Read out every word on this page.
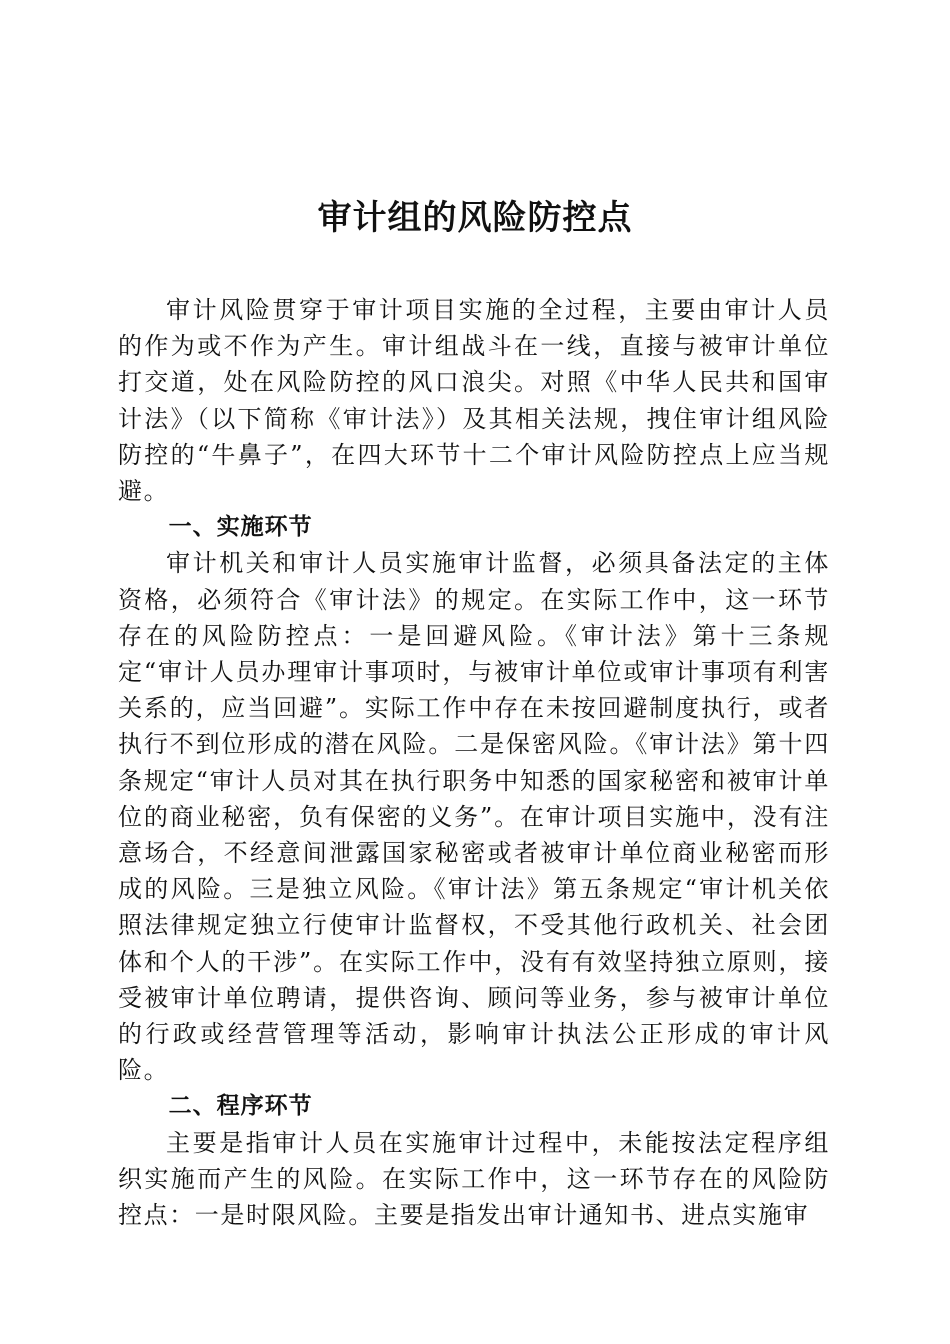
审计组的风险防控点

审计风险贯穿于审计项目实施的全过程，主要由审计人员的作为或不作为产生。审计组战斗在一线，直接与被审计单位打交道，处在风险防控的风口浪尖。对照《中华人民共和国审计法》（以下简称《审计法》）及其相关法规，拽住审计组风险防控的“牛鼻子”，在四大环节十二个审计风险防控点上应当规避。

一、实施环节

审计机关和审计人员实施审计监督，必须具备法定的主体资格，必须符合《审计法》的规定。在实际工作中，这一环节存在的风险防控点：一是回避风险。《审计法》第十三条规定“审计人员办理审计事项时，与被审计单位或审计事项有利害关系的，应当回避”。实际工作中存在未按回避制度执行，或者执行不到位形成的潜在风险。二是保密风险。《审计法》第十四条规定“审计人员对其在执行职务中知悉的国家秘密和被审计单位的商业秘密，负有保密的义务”。在审计项目实施中，没有注意场合，不经意间泄露国家秘密或者被审计单位商业秘密而形成的风险。三是独立风险。《审计法》第五条规定“审计机关依照法律规定独立行使审计监督权，不受其他行政机关、社会团体和个人的干涉”。在实际工作中，没有有效坚持独立原则，接受被审计单位聘请，提供咨询、顾问等业务，参与被审计单位的行政或经营管理等活动，影响审计执法公正形成的审计风险。

二、程序环节

主要是指审计人员在实施审计过程中，未能按法定程序组织实施而产生的风险。在实际工作中，这一环节存在的风险防控点：一是时限风险。主要是指发出审计通知书、进点实施审
